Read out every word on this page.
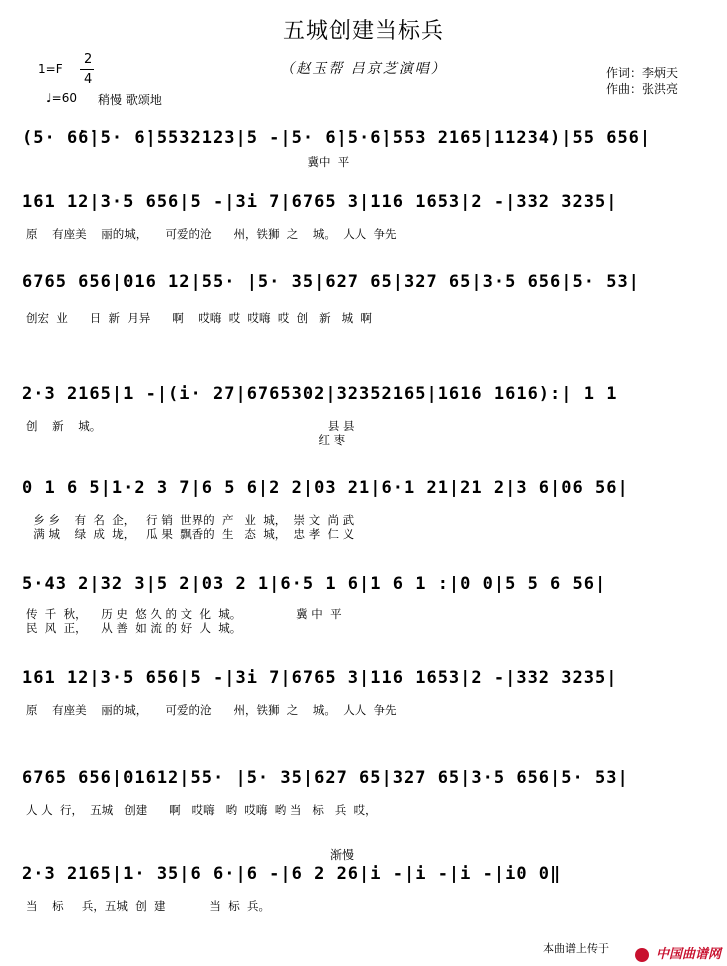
五城创建当标兵
（赵玉帮 吕京芝演唱）
1=F
2
4
♩=60 稍慢 歌颂地
作词：李炳天
作曲：张洪亮
(5· 6̇6̇|5· 6̇|5532123|5 -|5· 6̇|5·6̇|553 2165|11234)|55 656|
冀中  平
161 12|3·5 656|5 -|3i 7|6765 3|116 1653|2 -|332 3235|
原    有座美    丽的城，     可爱的沧      州，铁狮  之    城。  人人  争先
6765 656|016 12|55· |5· 35|627 65|327 65|3·5 656|5· 53|
创宏  业      日  新  月异      啊    哎嗨  哎  哎嗨  哎  创   新   城  啊
2·3 2165|1 -|(i· 27|6765302|32352165|1616 1616):| 1 1
创    新    城。                                                              县 县
红 枣
0 1 6 5|1·2 3 7|6 5 6|2 2|03 21|6·1 21|21 2|3 6|06 56|
乡 乡    有  名  企，   行 销  世界的  产   业  城，  崇 文  尚 武
满 城    绿  成  垅，   瓜 果  飘香的  生   态  城，  忠 孝  仁 义
5·43 2|32 3|5 2|03 2 1|6·5 1 6|1 6 1 :|0 0|5 5 6 56|
传  千  秋，    历 史  悠 久 的 文  化  城。               冀 中  平
民  风  正，    从 善  如 流 的 好  人  城。
161 12|3·5 656|5 -|3i 7|6765 3|116 1653|2 -|332 3235|
原    有座美    丽的城，     可爱的沧      州，铁狮  之    城。  人人  争先
6765 656|01612|55· |5· 35|627 65|327 65|3·5 656|5· 53|
人 人  行，  五城   创建      啊   哎嗨   哟  哎嗨  哟 当   标   兵  哎，
渐慢
2·3 2165|1· 35|6 6·|6 -|6 2 26|i -|i -|i -|i0 0‖
当    标     兵，五城  创  建            当  标  兵。
本曲谱上传于	中国曲谱网
